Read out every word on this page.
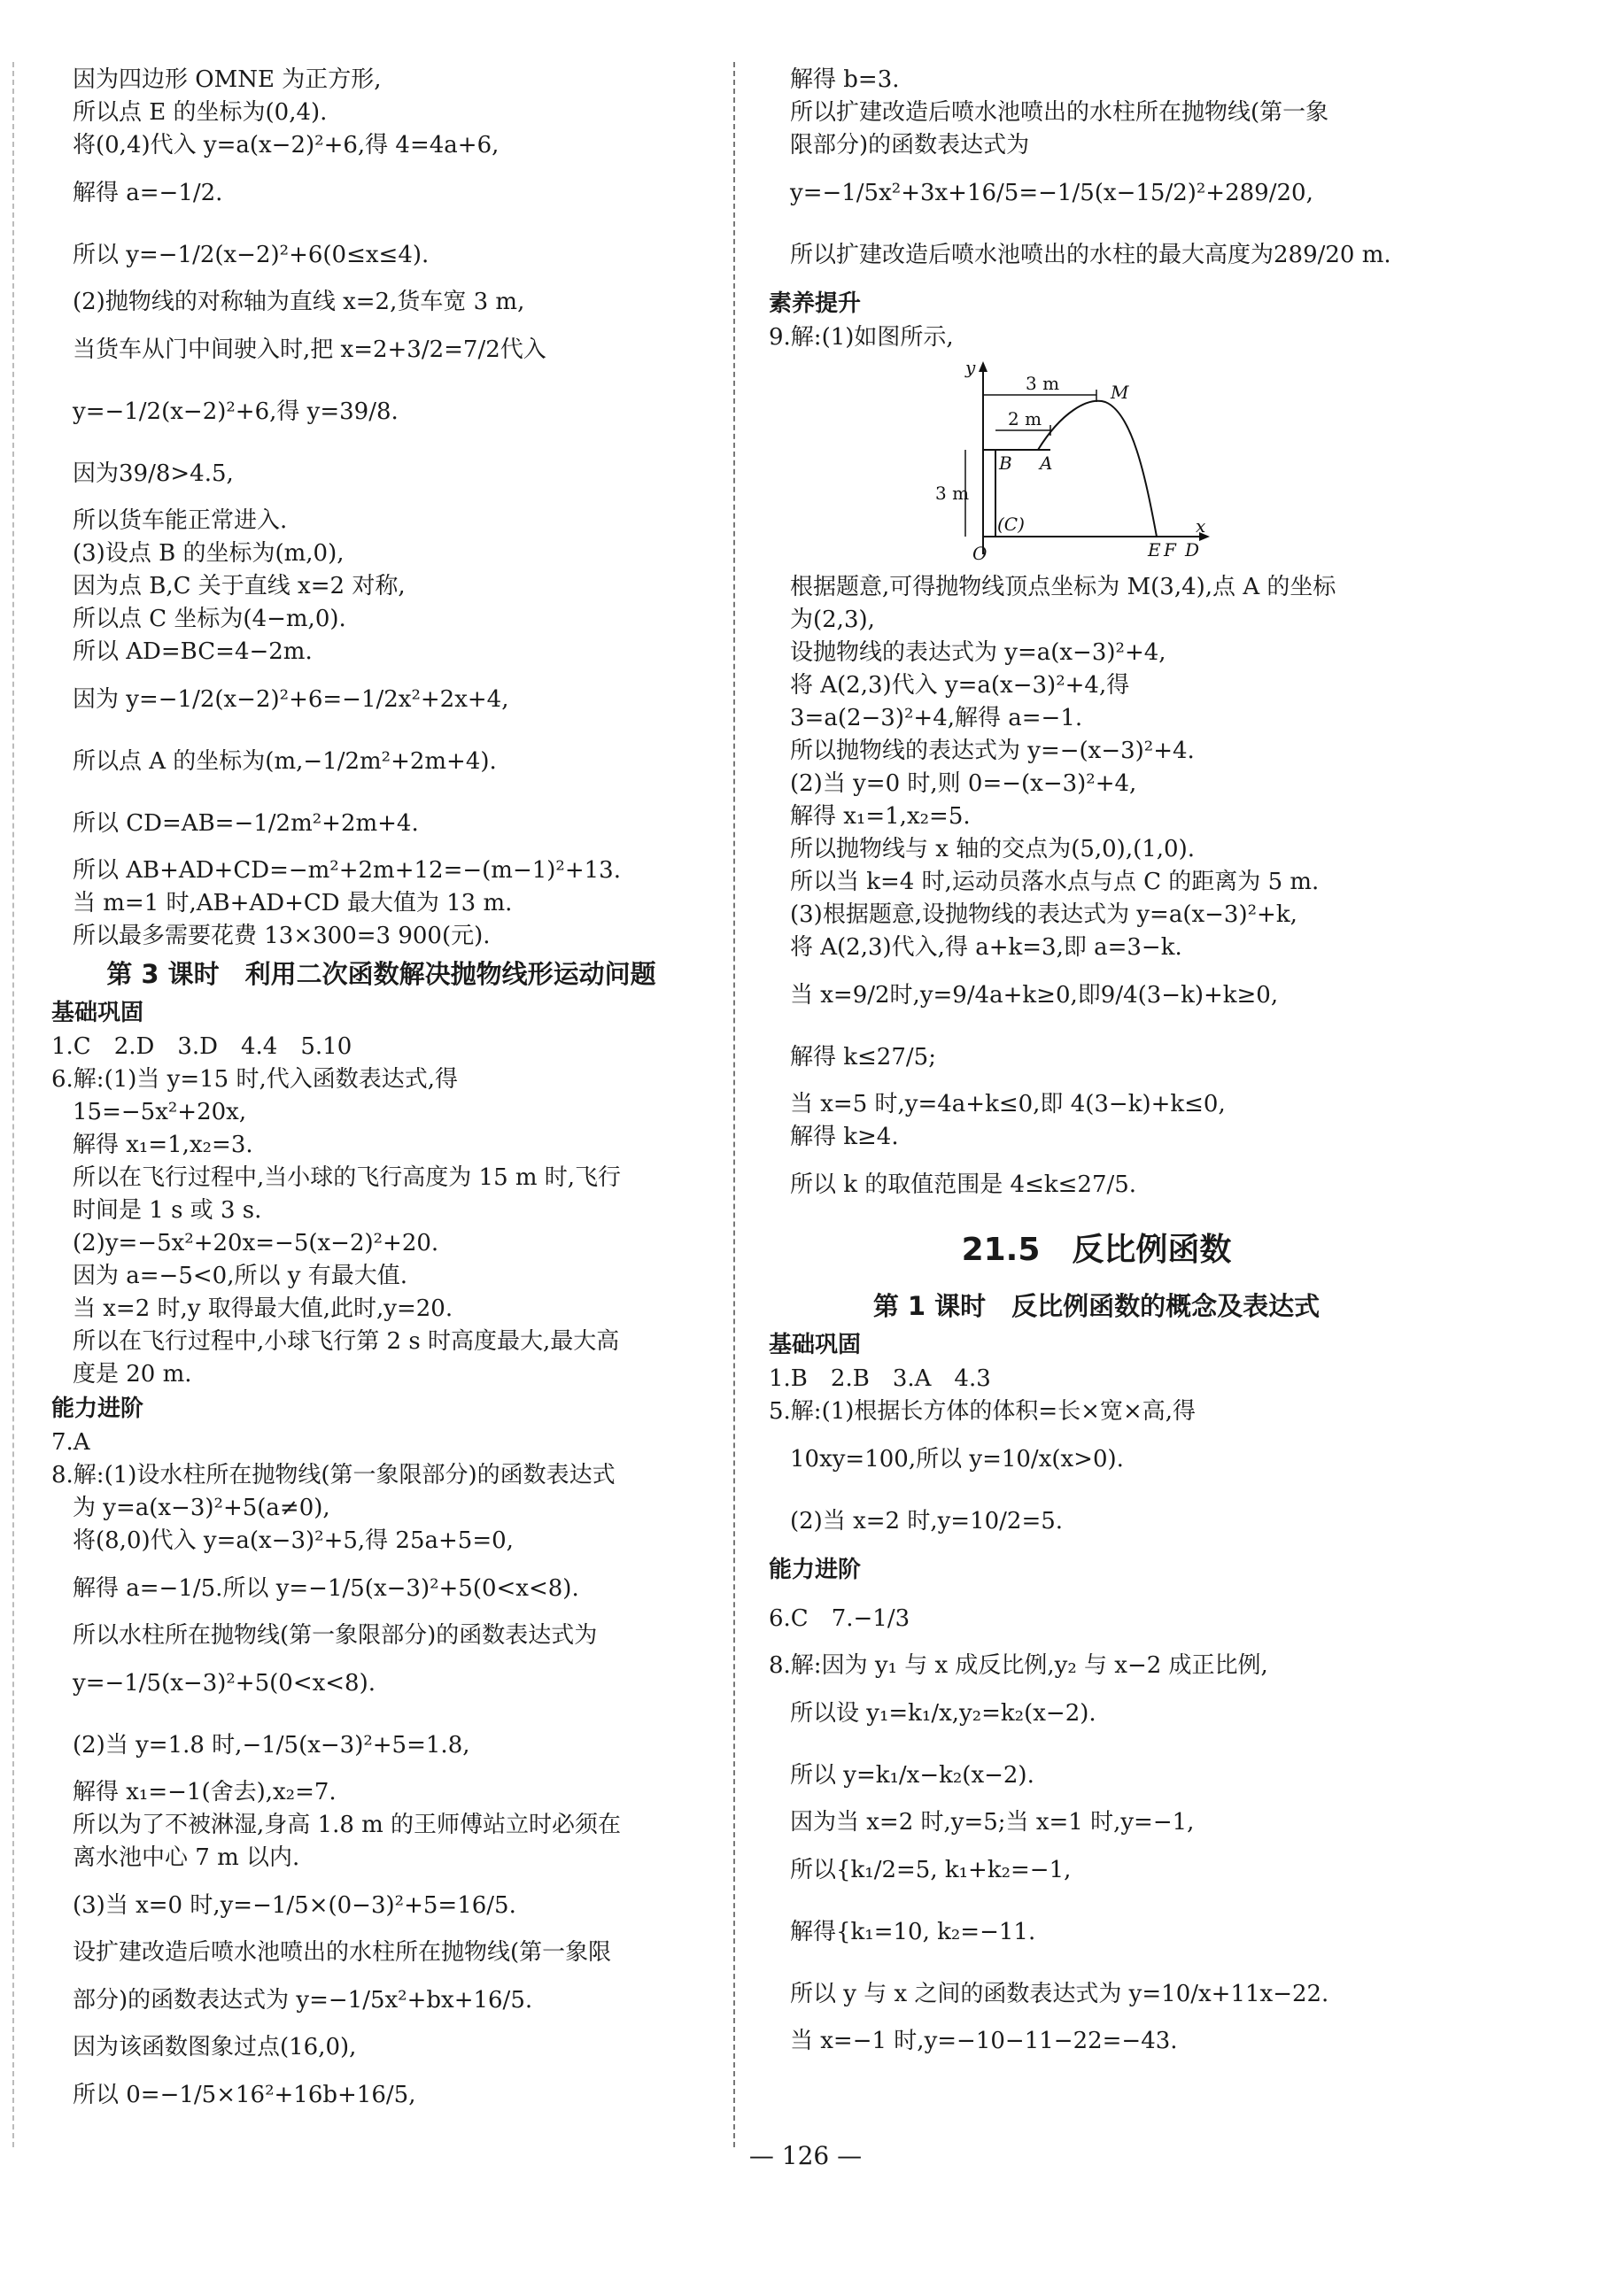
因为四边形 OMNE 为正方形,
所以点 E 的坐标为(0,4).
将(0,4)代入 y=a(x−2)²+6,得 4=4a+6,
解得 a=−1/2.
所以 y=−1/2(x−2)²+6(0≤x≤4).
(2)抛物线的对称轴为直线 x=2,货车宽 3 m,
当货车从门中间驶入时,把 x=2+3/2=7/2代入
y=−1/2(x−2)²+6,得 y=39/8.
因为39/8>4.5,
所以货车能正常进入.
(3)设点 B 的坐标为(m,0),
因为点 B,C 关于直线 x=2 对称,
所以点 C 坐标为(4−m,0).
所以 AD=BC=4−2m.
因为 y=−1/2(x−2)²+6=−1/2x²+2x+4,
所以点 A 的坐标为(m,−1/2m²+2m+4).
所以 CD=AB=−1/2m²+2m+4.
所以 AB+AD+CD=−m²+2m+12=−(m−1)²+13.
当 m=1 时,AB+AD+CD 最大值为 13 m.
所以最多需要花费 13×300=3 900(元).
第 3 课时　利用二次函数解决抛物线形运动问题
基础巩固
1.C　2.D　3.D　4.4　5.10
6.解:(1)当 y=15 时,代入函数表达式,得
15=−5x²+20x,
解得 x₁=1,x₂=3.
所以在飞行过程中,当小球的飞行高度为 15 m 时,飞行
时间是 1 s 或 3 s.
(2)y=−5x²+20x=−5(x−2)²+20.
因为 a=−5<0,所以 y 有最大值.
当 x=2 时,y 取得最大值,此时,y=20.
所以在飞行过程中,小球飞行第 2 s 时高度最大,最大高
度是 20 m.
能力进阶
7.A
8.解:(1)设水柱所在抛物线(第一象限部分)的函数表达式
为 y=a(x−3)²+5(a≠0),
将(8,0)代入 y=a(x−3)²+5,得 25a+5=0,
解得 a=−1/5.所以 y=−1/5(x−3)²+5(0<x<8).
所以水柱所在抛物线(第一象限部分)的函数表达式为
y=−1/5(x−3)²+5(0<x<8).
(2)当 y=1.8 时,−1/5(x−3)²+5=1.8,
解得 x₁=−1(舍去),x₂=7.
所以为了不被淋湿,身高 1.8 m 的王师傅站立时必须在
离水池中心 7 m 以内.
(3)当 x=0 时,y=−1/5×(0−3)²+5=16/5.
设扩建改造后喷水池喷出的水柱所在抛物线(第一象限
部分)的函数表达式为 y=−1/5x²+bx+16/5.
因为该函数图象过点(16,0),
所以 0=−1/5×16²+16b+16/5,
解得 b=3.
所以扩建改造后喷水池喷出的水柱所在抛物线(第一象
限部分)的函数表达式为
y=−1/5x²+3x+16/5=−1/5(x−15/2)²+289/20,
所以扩建改造后喷水池喷出的水柱的最大高度为289/20 m.
素养提升
9.解:(1)如图所示,
y
x
O
3 m
2 m
3 m
M
A
B
(C)
E F D
根据题意,可得抛物线顶点坐标为 M(3,4),点 A 的坐标
为(2,3),
设抛物线的表达式为 y=a(x−3)²+4,
将 A(2,3)代入 y=a(x−3)²+4,得
3=a(2−3)²+4,解得 a=−1.
所以抛物线的表达式为 y=−(x−3)²+4.
(2)当 y=0 时,则 0=−(x−3)²+4,
解得 x₁=1,x₂=5.
所以抛物线与 x 轴的交点为(5,0),(1,0).
所以当 k=4 时,运动员落水点与点 C 的距离为 5 m.
(3)根据题意,设抛物线的表达式为 y=a(x−3)²+k,
将 A(2,3)代入,得 a+k=3,即 a=3−k.
当 x=9/2时,y=9/4a+k≥0,即9/4(3−k)+k≥0,
解得 k≤27/5;
当 x=5 时,y=4a+k≤0,即 4(3−k)+k≤0,
解得 k≥4.
所以 k 的取值范围是 4≤k≤27/5.
21.5　反比例函数
第 1 课时　反比例函数的概念及表达式
基础巩固
1.B　2.B　3.A　4.3
5.解:(1)根据长方体的体积=长×宽×高,得
10xy=100,所以 y=10/x(x>0).
(2)当 x=2 时,y=10/2=5.
能力进阶
6.C　7.−1/3
8.解:因为 y₁ 与 x 成反比例,y₂ 与 x−2 成正比例,
所以设 y₁=k₁/x,y₂=k₂(x−2).
所以 y=k₁/x−k₂(x−2).
因为当 x=2 时,y=5;当 x=1 时,y=−1,
所以{k₁/2=5, k₁+k₂=−1,
解得{k₁=10, k₂=−11.
所以 y 与 x 之间的函数表达式为 y=10/x+11x−22.
当 x=−1 时,y=−10−11−22=−43.
— 126 —
